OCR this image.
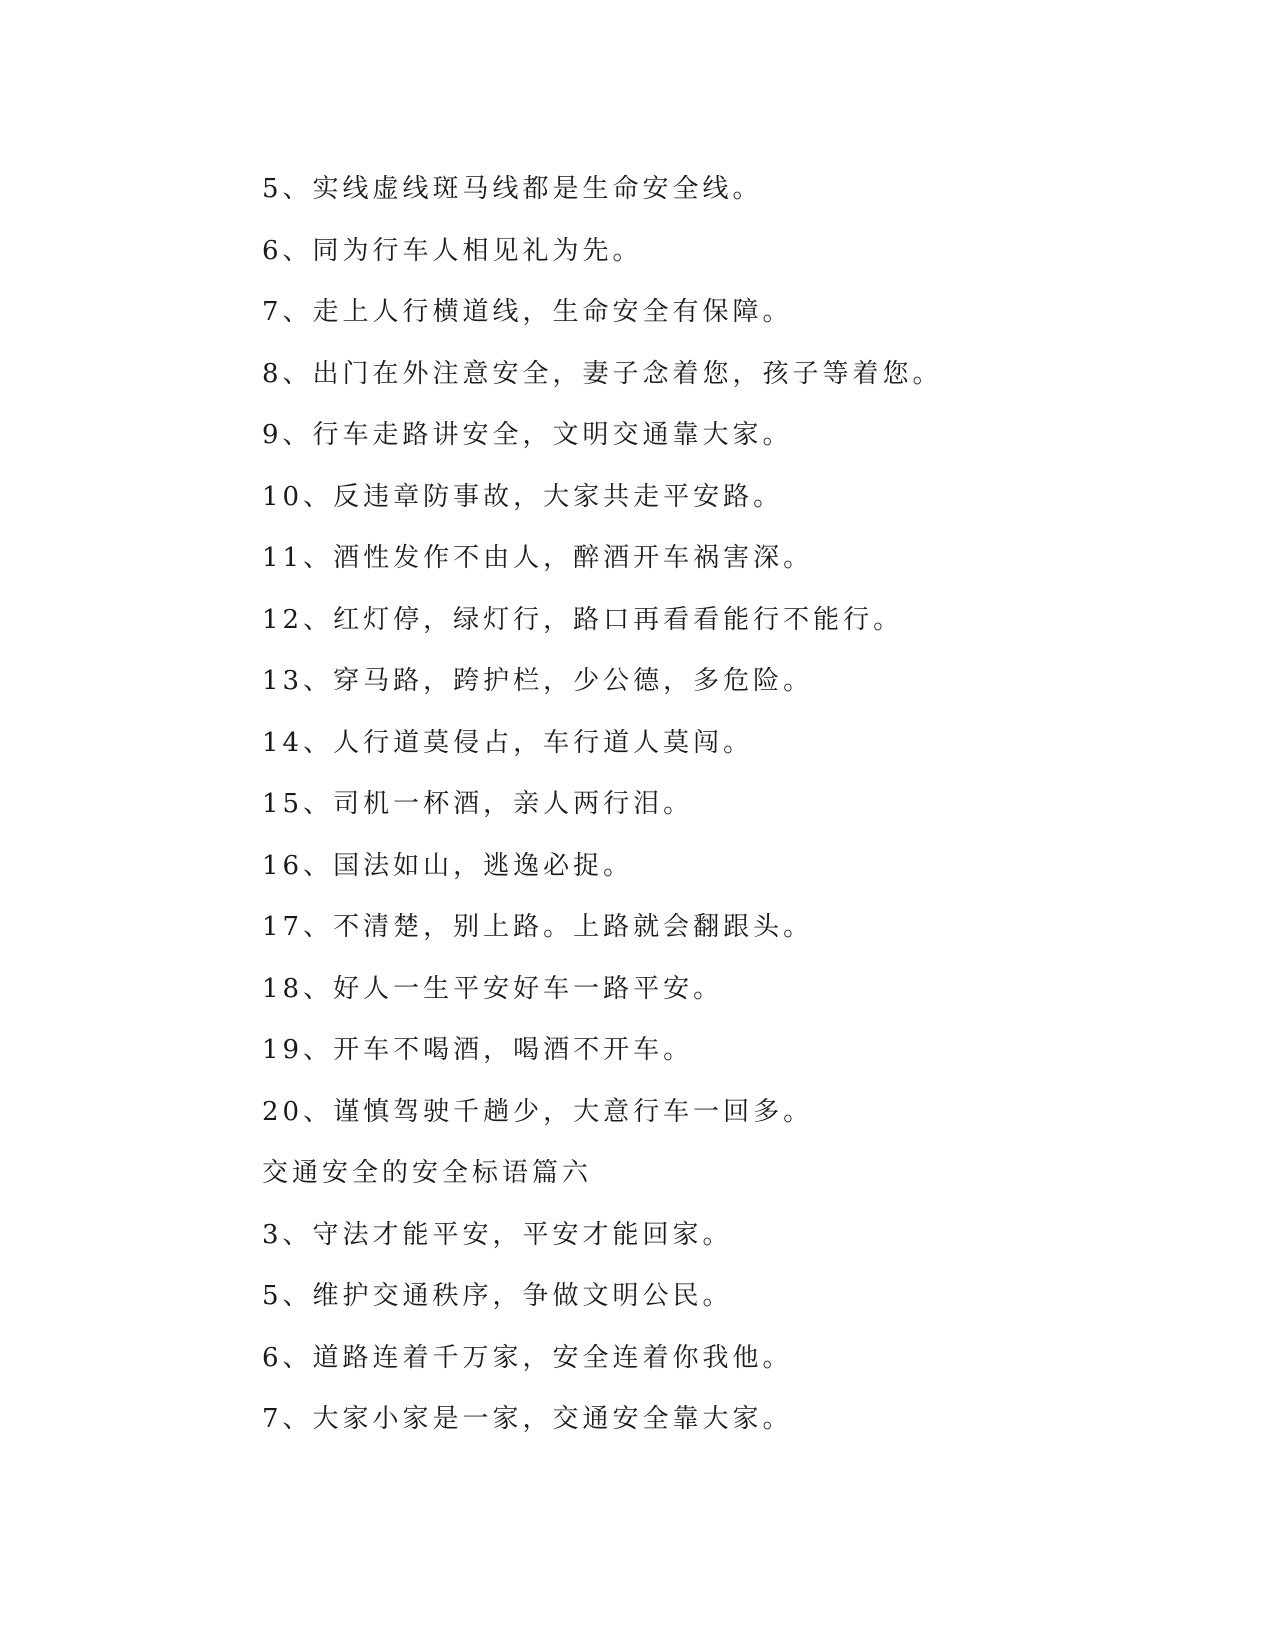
5、实线虚线斑马线都是生命安全线。
6、同为行车人相见礼为先。
7、走上人行横道线，生命安全有保障。
8、出门在外注意安全，妻子念着您，孩子等着您。
9、行车走路讲安全，文明交通靠大家。
10、反违章防事故，大家共走平安路。
11、酒性发作不由人，醉酒开车祸害深。
12、红灯停，绿灯行，路口再看看能行不能行。
13、穿马路，跨护栏，少公德，多危险。
14、人行道莫侵占，车行道人莫闯。
15、司机一杯酒，亲人两行泪。
16、国法如山，逃逸必捉。
17、不清楚，别上路。上路就会翻跟头。
18、好人一生平安好车一路平安。
19、开车不喝酒，喝酒不开车。
20、谨慎驾驶千趟少，大意行车一回多。
交通安全的安全标语篇六
3、守法才能平安，平安才能回家。
5、维护交通秩序，争做文明公民。
6、道路连着千万家，安全连着你我他。
7、大家小家是一家，交通安全靠大家。
